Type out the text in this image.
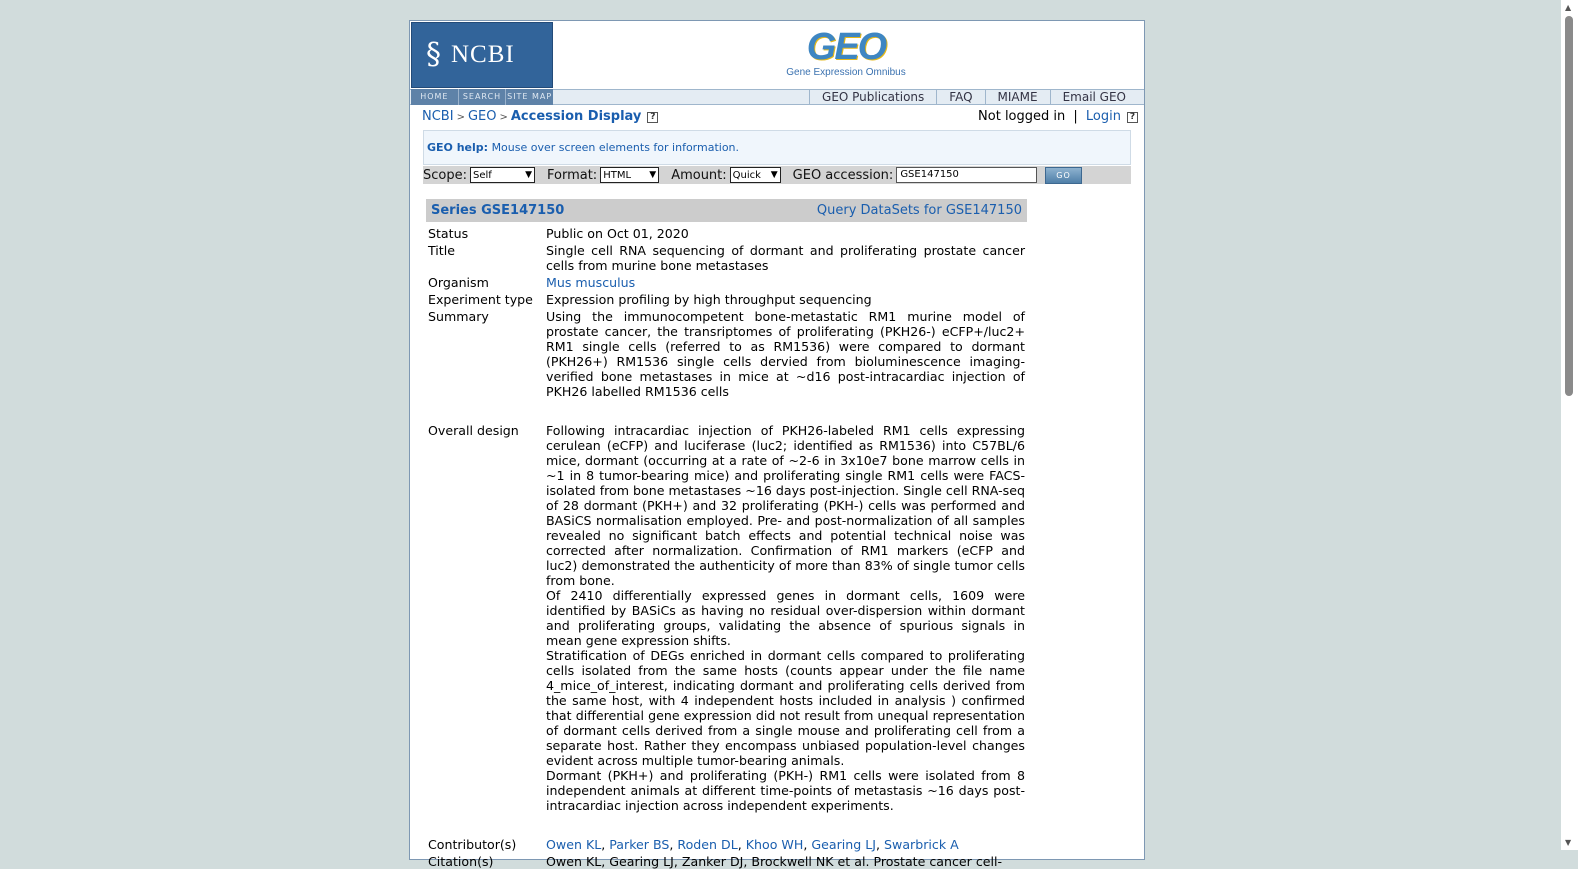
§ NCBI	GEO
Gene Expression Omnibus
HOME	SEARCH SITE MAP	GEO Publications	FAQ	MIAME	Email GEO
NCBI > GEO > Accession Display ?	Not logged in | Login ?
GEO help: Mouse over screen elements for information.
Scope: Self	▼ Format: HTML ▼ Amount: Quick ▼ GEO accession: GSE147150	GO
Series GSE147150	Query DataSets for GSE147150
Status	Public on Oct 01, 2020
Title	Single cell RNA sequencing of dormant and proliferating prostate cancer cells from murine bone metastases
Organism	Mus musculus
Experiment type	Expression profiling by high throughput sequencing
Summary	Using the immunocompetent bone-metastatic RM1 murine model of prostate cancer, the transriptomes of proliferating (PKH26-) eCFP+/luc2+ RM1 single cells (referred to as RM1536) were compared to dormant (PKH26+) RM1536 single cells dervied from bioluminescence imaging-verified bone metastases in mice at ~d16 post-intracardiac injection of PKH26 labelled RM1536 cells
Overall design	Following intracardiac injection of PKH26-labeled RM1 cells expressing cerulean (eCFP) and luciferase (luc2; identified as RM1536) into C57BL/6 mice, dormant (occurring at a rate of ~2-6 in 3x10e7 bone marrow cells in ~1 in 8 tumor-bearing mice) and proliferating single RM1 cells were FACS-isolated from bone metastases ~16 days post-injection. Single cell RNA-seq of 28 dormant (PKH+) and 32 proliferating (PKH-) cells was performed and BASiCS normalisation employed. Pre- and post-normalization of all samples revealed no significant batch effects and potential technical noise was corrected after normalization. Confirmation of RM1 markers (eCFP and luc2) demonstrated the authenticity of more than 83% of single tumor cells from bone.
Of 2410 differentially expressed genes in dormant cells, 1609 were identified by BASiCs as having no residual over-dispersion within dormant and proliferating groups, validating the absence of spurious signals in mean gene expression shifts.
Stratification of DEGs enriched in dormant cells compared to proliferating cells isolated from the same hosts (counts appear under the file name 4_mice_of_interest, indicating dormant and proliferating cells derived from the same host, with 4 independent hosts included in analysis ) confirmed that differential gene expression did not result from unequal representation of dormant cells derived from a single mouse and proliferating cell from a separate host. Rather they encompass unbiased population-level changes evident across multiple tumor-bearing animals.
Dormant (PKH+) and proliferating (PKH-) RM1 cells were isolated from 8 independent animals at different time-points of metastasis ~16 days post-intracardiac injection across independent experiments.
Contributor(s)	Owen KL, Parker BS, Roden DL, Khoo WH, Gearing LJ, Swarbrick A
Citation(s)	Owen KL, Gearing LJ, Zanker DJ, Brockwell NK et al. Prostate cancer cell-
▲
▼
